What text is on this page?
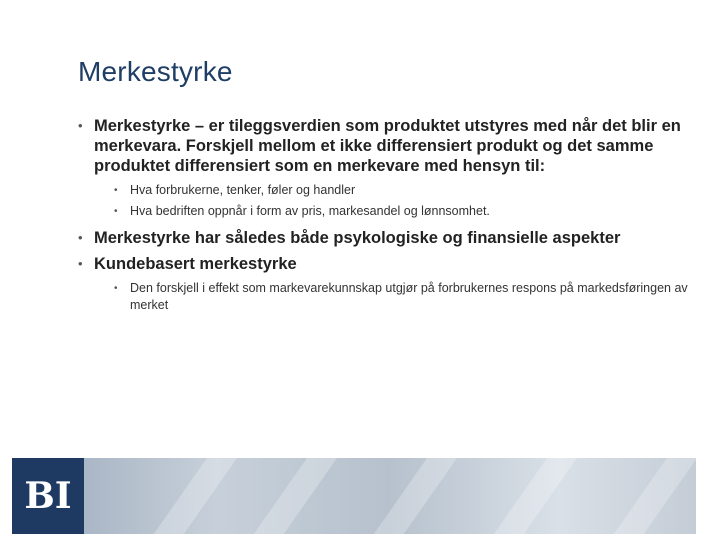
Merkestyrke
• Merkestyrke – er tileggsverdien som produktet utstyres med når det blir en merkevara. Forskjell mellom et ikke differensiert produkt og det samme produktet differensiert som en merkevare med hensyn til:
• Hva forbrukerne, tenker, føler og handler
• Hva bedriften oppnår i form av pris, markesandel og lønnsomhet.
• Merkestyrke har således både psykologiske og finansielle aspekter
• Kundebasert merkestyrke
• Den forskjell i effekt som markevarekunnskap utgjør på forbrukernes respons på markedsføringen av merket
BI
